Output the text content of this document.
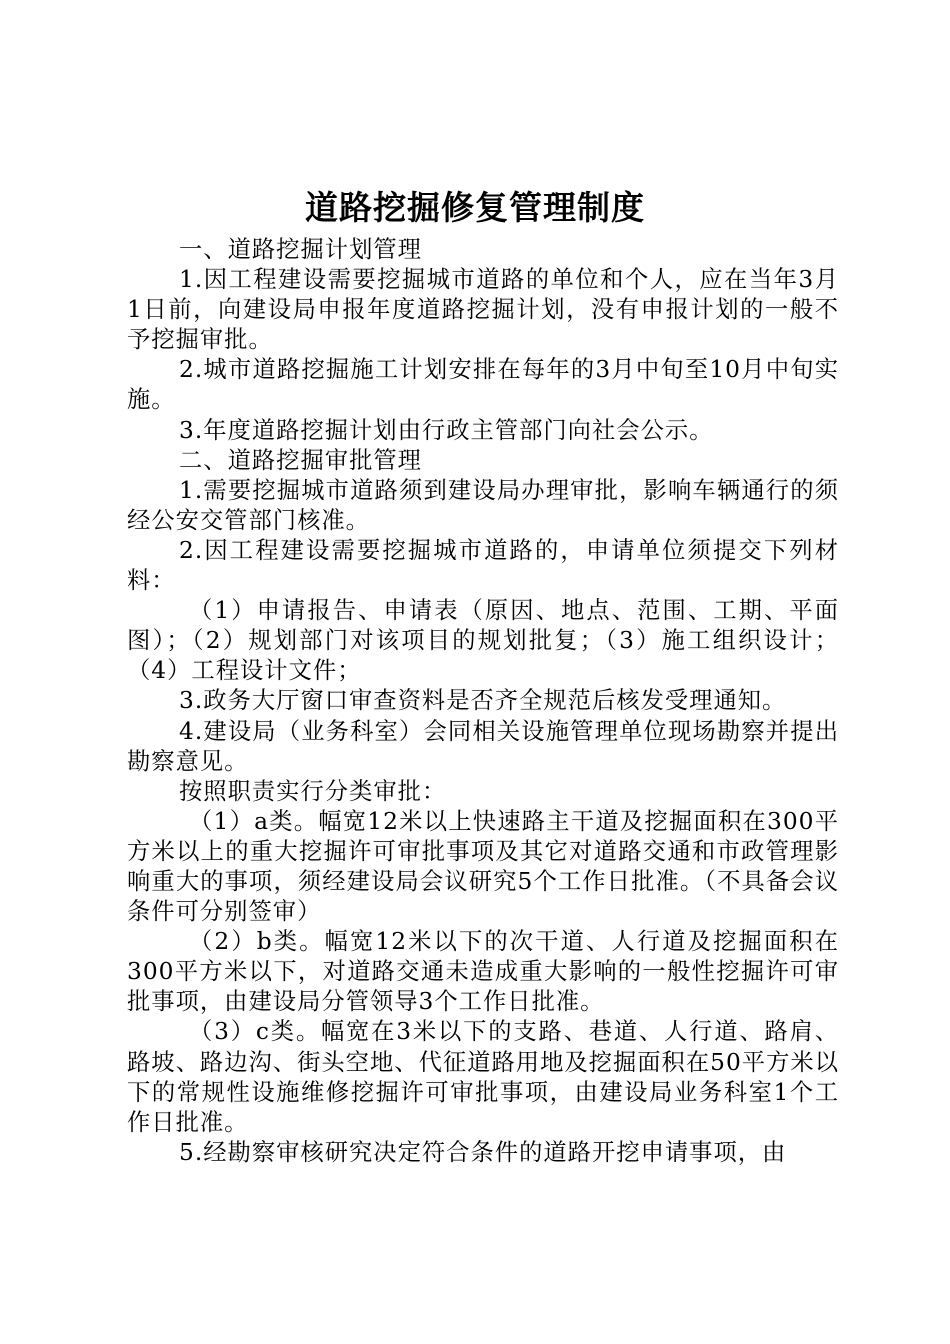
道路挖掘修复管理制度

一、道路挖掘计划管理

1.因工程建设需要挖掘城市道路的单位和个人，应在当年3月1日前，向建设局申报年度道路挖掘计划，没有申报计划的一般不予挖掘审批。

2.城市道路挖掘施工计划安排在每年的3月中旬至10月中旬实施。

3.年度道路挖掘计划由行政主管部门向社会公示。

二、道路挖掘审批管理

1.需要挖掘城市道路须到建设局办理审批，影响车辆通行的须经公安交管部门核准。

2.因工程建设需要挖掘城市道路的，申请单位须提交下列材料：

（1）申请报告、申请表（原因、地点、范围、工期、平面图）；（2）规划部门对该项目的规划批复；（3）施工组织设计；（4）工程设计文件；

3.政务大厅窗口审查资料是否齐全规范后核发受理通知。

4.建设局（业务科室）会同相关设施管理单位现场勘察并提出勘察意见。

按照职责实行分类审批：

（1）a类。幅宽12米以上快速路主干道及挖掘面积在300平方米以上的重大挖掘许可审批事项及其它对道路交通和市政管理影响重大的事项，须经建设局会议研究5个工作日批准。（不具备会议条件可分别签审）

（2）b类。幅宽12米以下的次干道、人行道及挖掘面积在300平方米以下，对道路交通未造成重大影响的一般性挖掘许可审批事项，由建设局分管领导3个工作日批准。

（3）c类。幅宽在3米以下的支路、巷道、人行道、路肩、路坡、路边沟、街头空地、代征道路用地及挖掘面积在50平方米以下的常规性设施维修挖掘许可审批事项，由建设局业务科室1个工作日批准。

5.经勘察审核研究决定符合条件的道路开挖申请事项，由
